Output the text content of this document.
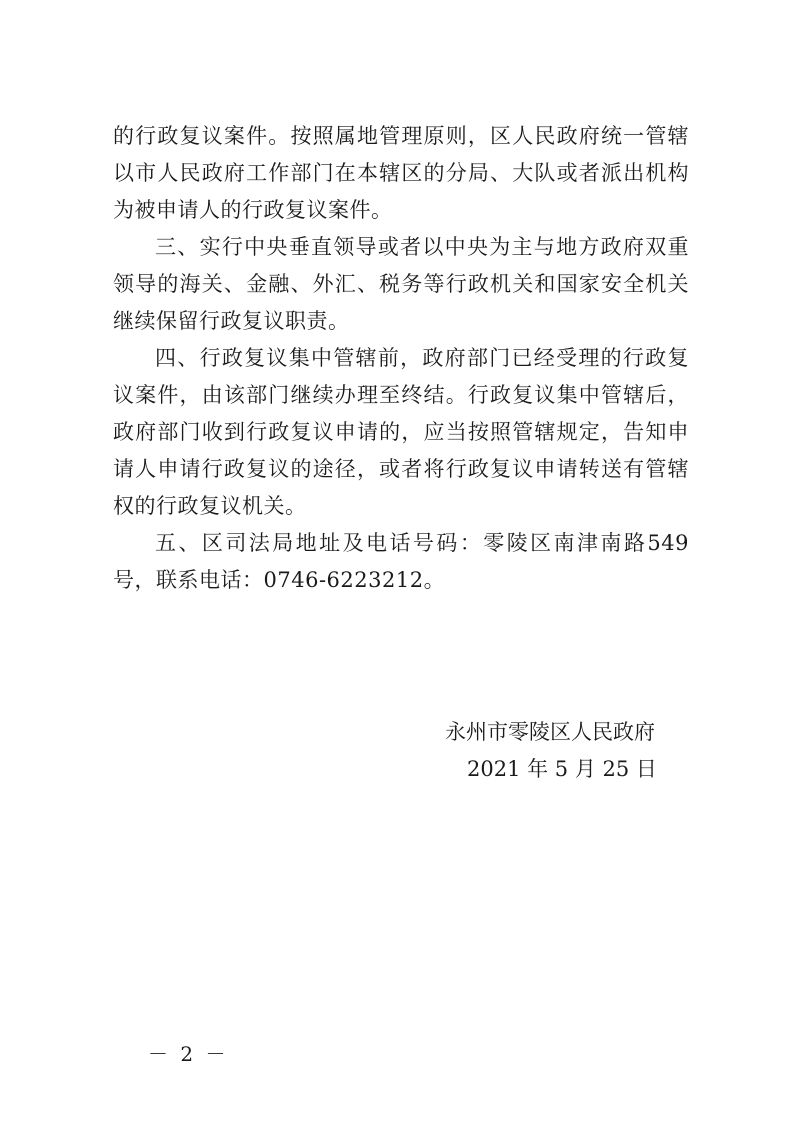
的行政复议案件。按照属地管理原则，区人民政府统一管辖以市人民政府工作部门在本辖区的分局、大队或者派出机构为被申请人的行政复议案件。

三、实行中央垂直领导或者以中央为主与地方政府双重领导的海关、金融、外汇、税务等行政机关和国家安全机关继续保留行政复议职责。

四、行政复议集中管辖前，政府部门已经受理的行政复议案件，由该部门继续办理至终结。行政复议集中管辖后，政府部门收到行政复议申请的，应当按照管辖规定，告知申请人申请行政复议的途径，或者将行政复议申请转送有管辖权的行政复议机关。

五、区司法局地址及电话号码：零陵区南津南路549号，联系电话：0746-6223212。

永州市零陵区人民政府
2021 年 5 月 25 日
－ 2 －
